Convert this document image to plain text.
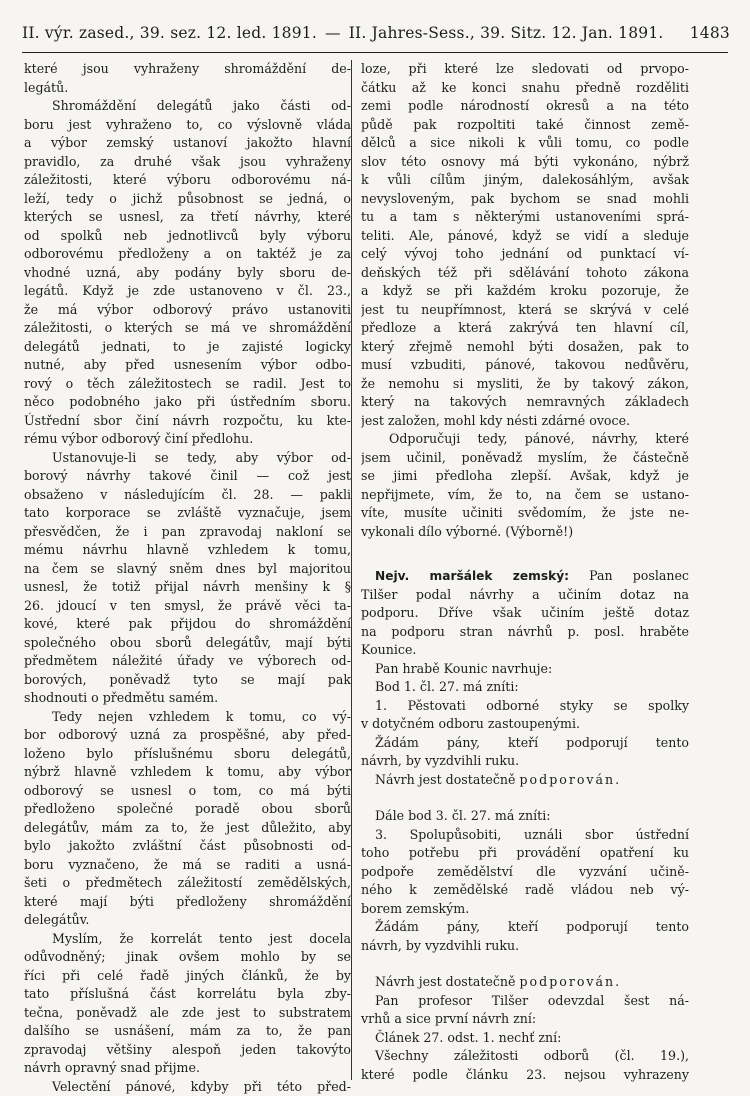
II. výr. zased., 39. sez. 12. led. 1891. — II. Jahres-Sess., 39. Sitz. 12. Jan. 1891. 1483
které jsou vyhraženy shromáždění de-
legátů.
Shromáždění delegátů jako části od-
boru jest vyhraženo to, co výslovně vláda
a výbor zemský ustanoví jakožto hlavní
pravidlo, za druhé však jsou vyhraženy
záležitosti, které výboru odborovému ná-
leží, tedy o jichž působnost se jedná, o
kterých se usnesl, za třetí návrhy, které
od spolků neb jednotlivců byly výboru
odborovému předloženy a on taktéž je za
vhodné uzná, aby podány byly sboru de-
legátů. Když je zde ustanoveno v čl. 23.,
že má výbor odborový právo ustanoviti
záležitosti, o kterých se má ve shromáždění
delegátů jednati, to je zajisté logicky
nutné, aby před usnesením výbor odbo-
rový o těch záležitostech se radil. Jest to
něco podobného jako při ústředním sboru.
Ústřední sbor činí návrh rozpočtu, ku kte-
rému výbor odborový činí předlohu.
Ustanovuje-li se tedy, aby výbor od-
borový návrhy takové činil — což jest
obsaženo v následujícím čl. 28. — pakli
tato korporace se zvláště vyznačuje, jsem
přesvědčen, že i pan zpravodaj nakloní se
mému návrhu hlavně vzhledem k tomu,
na čem se slavný sněm dnes byl majoritou
usnesl, že totiž přijal návrh menšiny k §
26. jdoucí v ten smysl, že právě věci ta-
kové, které pak přijdou do shromáždění
společného obou sborů delegátův, mají býti
předmětem náležité úřady ve výborech od-
borových, poněvadž tyto se mají pak
shodnouti o předmětu samém.
Tedy nejen vzhledem k tomu, co vý-
bor odborový uzná za prospěšné, aby před-
loženo bylo příslušnému sboru delegátů,
nýbrž hlavně vzhledem k tomu, aby výbor
odborový se usnesl o tom, co má býti
předloženo společné poradě obou sborů
delegátův, mám za to, že jest důležito, aby
bylo jakožto zvláštní část působnosti od-
boru vyznačeno, že má se raditi a usná-
šeti o předmětech záležitostí zemědělských,
které mají býti předloženy shromáždění
delegátův.
Myslím, že korrelát tento jest docela
odůvodněný; jinak ovšem mohlo by se
říci při celé řadě jiných článků, že by
tato příslušná část korrelátu byla zby-
tečna, poněvadž ale zde jest to substratem
dalšího se usnášení, mám za to, že pan
zpravodaj většiny alespoň jeden takovýto
návrh opravný snad přijme.
Velectění pánové, kdyby při této před-
loze, při které lze sledovati od prvopo-
čátku až ke konci snahu předně rozděliti
zemi podle národností okresů a na této
půdě pak rozpoltiti také činnost země-
dělců a sice nikoli k vůli tomu, co podle
slov této osnovy má býti vykonáno, nýbrž
k vůli cílům jiným, dalekosáhlým, avšak
nevysloveným, pak bychom se snad mohli
tu a tam s některými ustanoveními sprá-
teliti. Ale, pánové, když se vidí a sleduje
celý vývoj toho jednání od punktací ví-
deňských též při sdělávání tohoto zákona
a když se při každém kroku pozoruje, že
jest tu neupřímnost, která se skrývá v celé
předloze a která zakrývá ten hlavní cíl,
který zřejmě nemohl býti dosažen, pak to
musí vzbuditi, pánové, takovou nedůvěru,
že nemohu si mysliti, že by takový zákon,
který na takových nemravných základech
jest založen, mohl kdy nésti zdárné ovoce.
Odporučuji tedy, pánové, návrhy, které
jsem učinil, poněvadž myslím, že částečně
se jimi předloha zlepší. Avšak, když je
nepřijmete, vím, že to, na čem se ustano-
víte, musíte učiniti svědomím, že jste ne-
vykonali dílo výborné. (Výborně!)
Nejv. maršálek zemský: Pan poslanec
Tilšer podal návrhy a učiním dotaz na
podporu. Dříve však učiním ještě dotaz
na podporu stran návrhů p. posl. hraběte
Kounice.
Pan hrabě Kounic navrhuje:
Bod 1. čl. 27. má zníti:
1. Pěstovati odborné styky se spolky
v dotyčném odboru zastoupenými.
Žádám pány, kteří podporují tento
návrh, by vyzdvihli ruku.
Návrh jest dostatečně podporován.
Dále bod 3. čl. 27. má zníti:
3. Spolupůsobiti, uználi sbor ústřední
toho potřebu při provádění opatření ku
podpoře zemědělství dle vyzvání učině-
ného k zemědělské radě vládou neb vý-
borem zemským.
Žádám pány, kteří podporují tento
návrh, by vyzdvihli ruku.
Návrh jest dostatečně podporován.
Pan profesor Tilšer odevzdal šest ná-
vrhů a sice první návrh zní:
Článek 27. odst. 1. nechť zní:
Všechny záležitosti odborů (čl. 19.),
které podle článku 23. nejsou vyhrazeny
